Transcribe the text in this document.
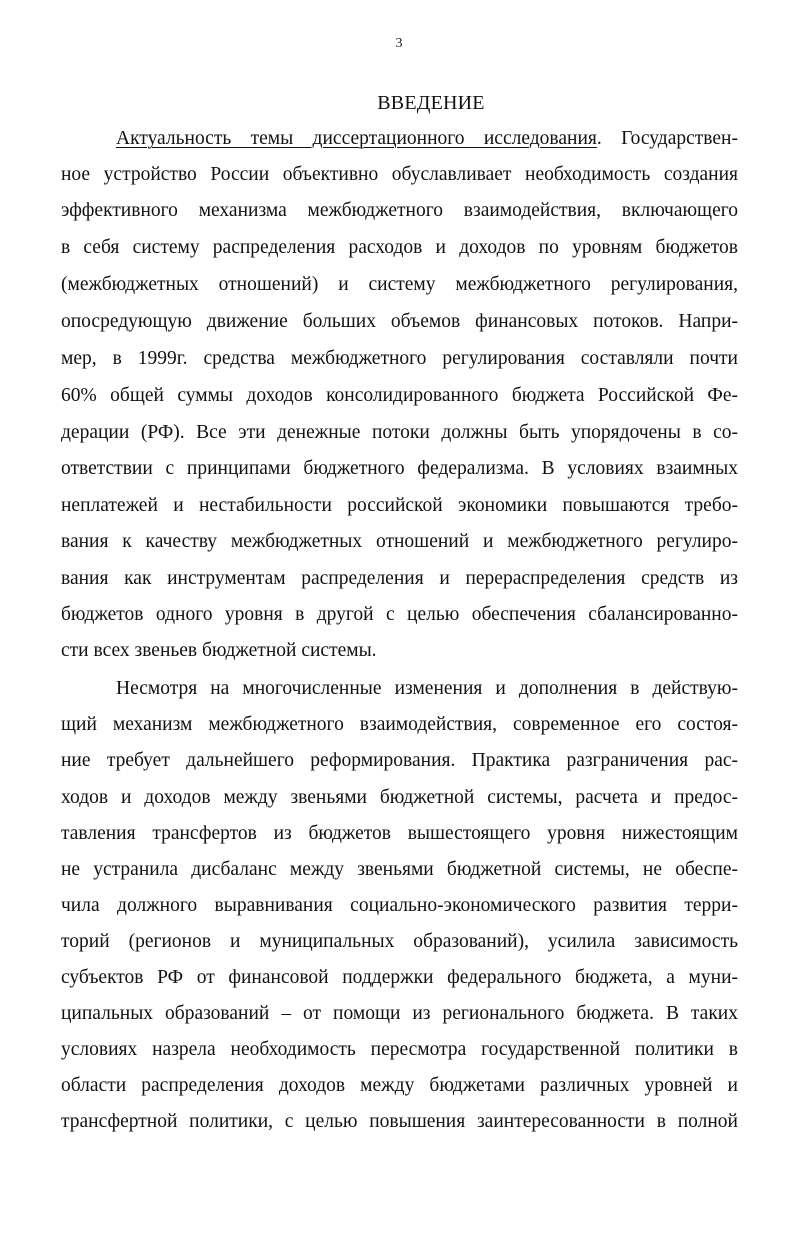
3
ВВЕДЕНИЕ
Актуальность темы диссертационного исследования. Государствен-
ное устройство России объективно обуславливает необходимость создания
эффективного механизма межбюджетного взаимодействия, включающего
в себя систему распределения расходов и доходов по уровням бюджетов
(межбюджетных отношений) и систему межбюджетного регулирования,
опосредующую движение больших объемов финансовых потоков. Напри-
мер, в 1999г. средства межбюджетного регулирования составляли почти
60% общей суммы доходов консолидированного бюджета Российской Фе-
дерации (РФ). Все эти денежные потоки должны быть упорядочены в со-
ответствии с принципами бюджетного федерализма. В условиях взаимных
неплатежей и нестабильности российской экономики повышаются требо-
вания к качеству межбюджетных отношений и межбюджетного регулиро-
вания как инструментам распределения и перераспределения средств из
бюджетов одного уровня в другой с целью обеспечения сбалансированно-
сти всех звеньев бюджетной системы.
Несмотря на многочисленные изменения и дополнения в действую-
щий механизм межбюджетного взаимодействия, современное его состоя-
ние требует дальнейшего реформирования. Практика разграничения рас-
ходов и доходов между звеньями бюджетной системы, расчета и предос-
тавления трансфертов из бюджетов вышестоящего уровня нижестоящим
не устранила дисбаланс между звеньями бюджетной системы, не обеспе-
чила должного выравнивания социально-экономического развития терри-
торий (регионов и муниципальных образований), усилила зависимость
субъектов РФ от финансовой поддержки федерального бюджета, а муни-
ципальных образований – от помощи из регионального бюджета. В таких
условиях назрела необходимость пересмотра государственной политики в
области распределения доходов между бюджетами различных уровней и
трансфертной политики, с целью повышения заинтересованности в полной
